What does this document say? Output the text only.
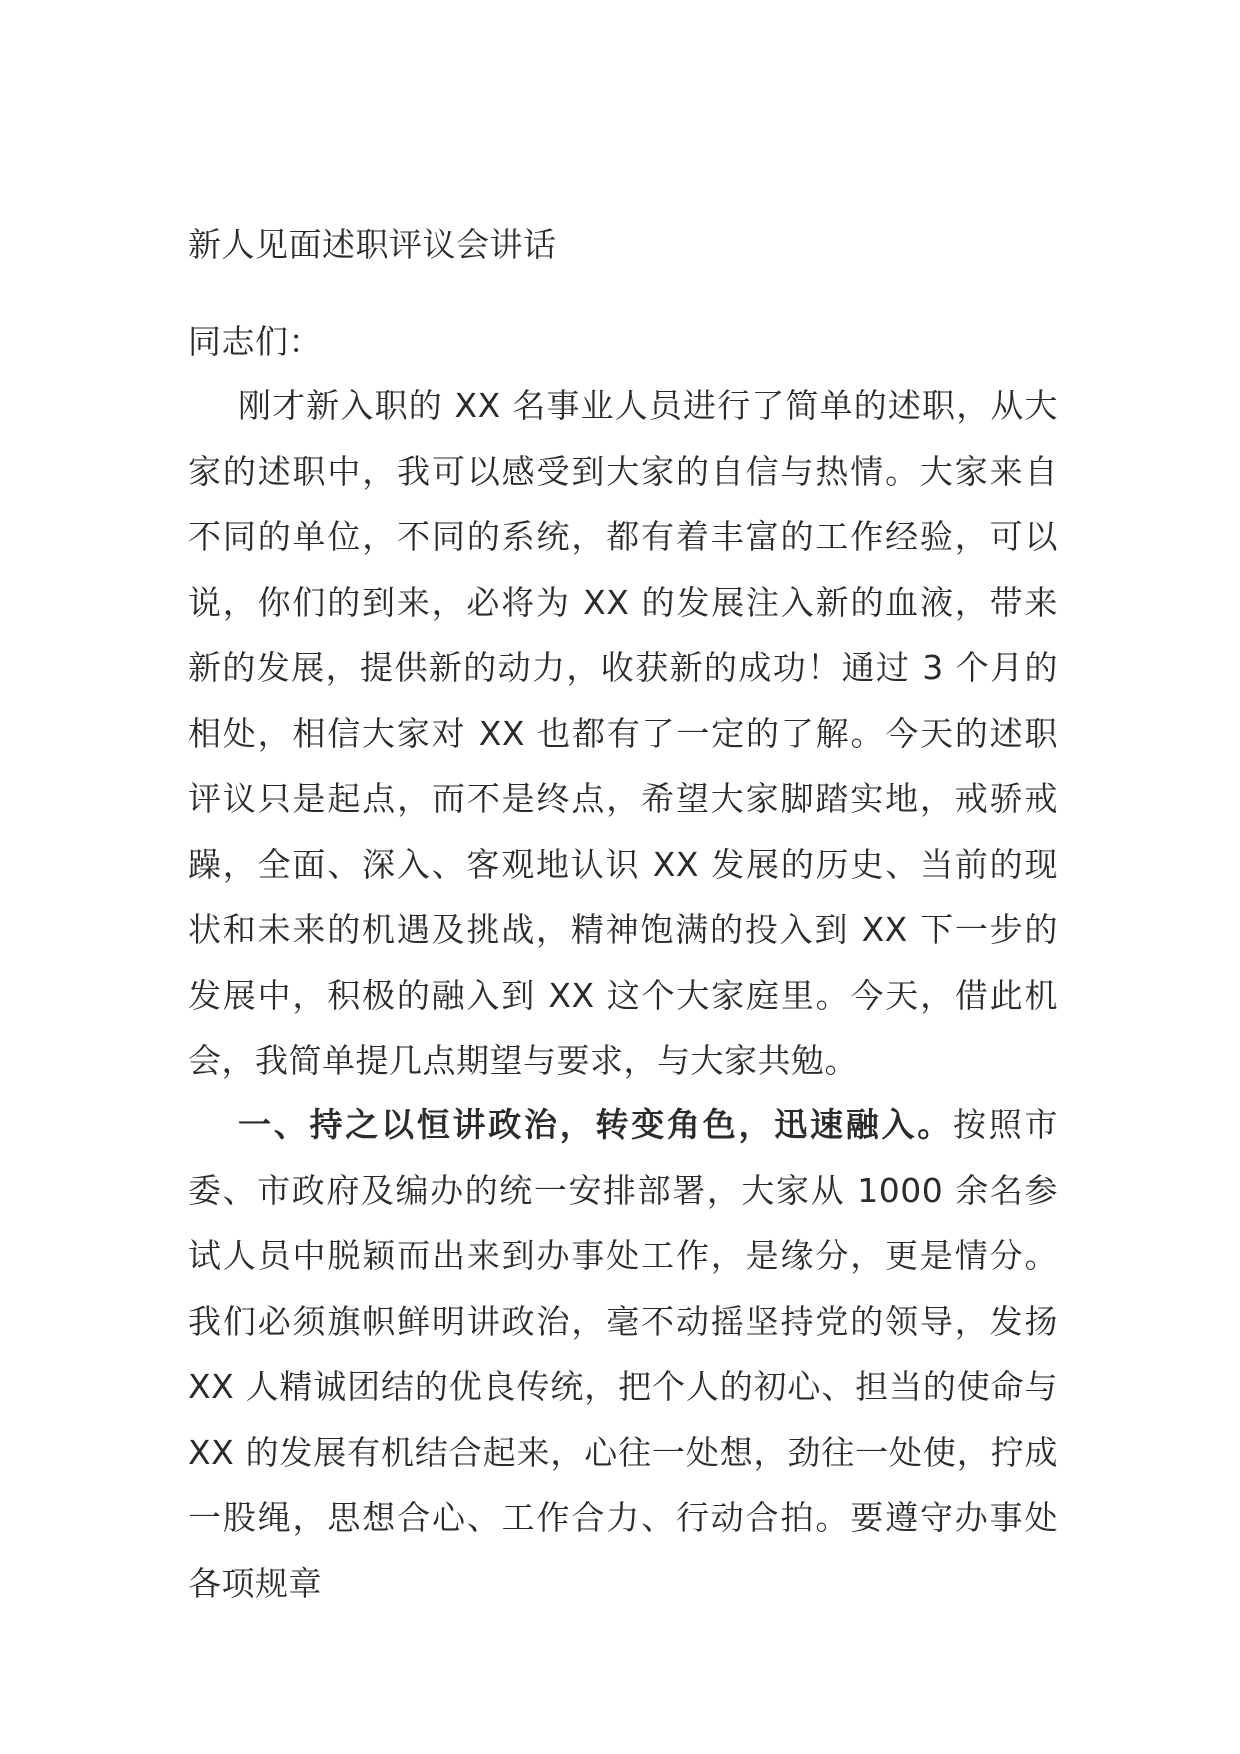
新人见面述职评议会讲话
同志们：
刚才新入职的 XX 名事业人员进行了简单的述职，从大家的述职中，我可以感受到大家的自信与热情。大家来自不同的单位，不同的系统，都有着丰富的工作经验，可以说，你们的到来，必将为 XX 的发展注入新的血液，带来新的发展，提供新的动力，收获新的成功！通过 3 个月的相处，相信大家对 XX 也都有了一定的了解。今天的述职评议只是起点，而不是终点，希望大家脚踏实地，戒骄戒躁，全面、深入、客观地认识 XX 发展的历史、当前的现状和未来的机遇及挑战，精神饱满的投入到 XX 下一步的发展中，积极的融入到 XX 这个大家庭里。今天，借此机会，我简单提几点期望与要求，与大家共勉。
一、持之以恒讲政治，转变角色，迅速融入。按照市委、市政府及编办的统一安排部署，大家从 1000 余名参试人员中脱颖而出来到办事处工作，是缘分，更是情分。我们必须旗帜鲜明讲政治，毫不动摇坚持党的领导，发扬 XX 人精诚团结的优良传统，把个人的初心、担当的使命与 XX 的发展有机结合起来，心往一处想，劲往一处使，拧成一股绳，思想合心、工作合力、行动合拍。要遵守办事处各项规章
